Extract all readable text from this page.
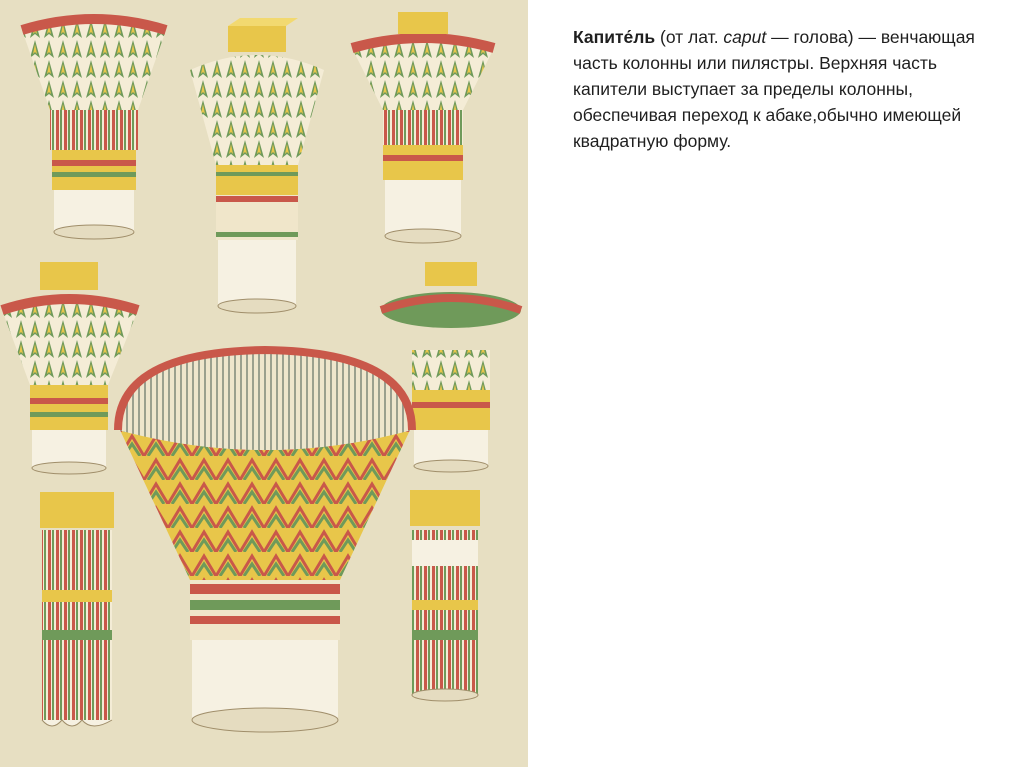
Капите́ль (от лат. caput — голова) — венчающая часть колонны или пилястры. Верхняя часть капители выступает за пределы колонны, обеспечивая переход к абаке,обычно имеющей квадратную форму.
